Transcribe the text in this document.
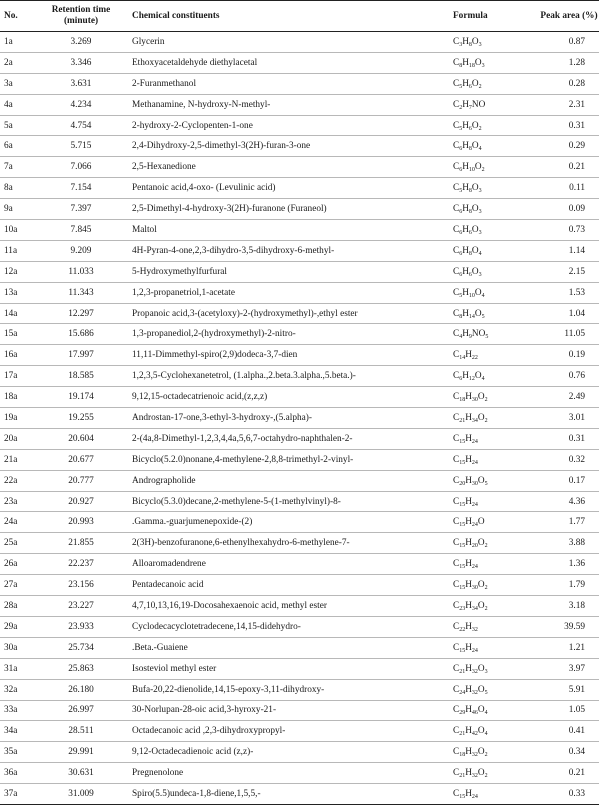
No.	Retention time (minute)	Chemical constituents	Formula	Peak area (%)
1a	3.269	Glycerin	$C_3H_8O_3$	0.87
2a	3.346	Ethoxyacetaldehyde diethylacetal	$C_8H_{18}O_3$	1.28
3a	3.631	2-Furanmethanol	$C_5H_6O_2$	0.28
4a	4.234	Methanamine, N-hydroxy-N-methyl-	$C_2H_7NO$	2.31
5a	4.754	2-hydroxy-2-Cyclopenten-1-one	$C_5H_6O_2$	0.31
6a	5.715	2,4-Dihydroxy-2,5-dimethyl-3(2H)-furan-3-one	$C_6H_8O_4$	0.29
7a	7.066	2,5-Hexanedione	$C_6H_{10}O_2$	0.21
8a	7.154	Pentanoic acid,4-oxo- (Levulinic acid)	$C_5H_8O_3$	0.11
9a	7.397	2,5-Dimethyl-4-hydroxy-3(2H)-furanone (Furaneol)	$C_6H_8O_3$	0.09
10a	7.845	Maltol	$C_6H_6O_3$	0.73
11a	9.209	4H-Pyran-4-one,2,3-dihydro-3,5-dihydroxy-6-methyl-	$C_6H_8O_4$	1.14
12a	11.033	5-Hydroxymethylfurfural	$C_6H_6O_3$	2.15
13a	11.343	1,2,3-propanetriol,1-acetate	$C_5H_{10}O_4$	1.53
14a	12.297	Propanoic acid,3-(acetyloxy)-2-(hydroxymethyl)-,ethyl ester	$C_8H_{14}O_5$	1.04
15a	15.686	1,3-propanediol,2-(hydroxymethyl)-2-nitro-	$C_4H_9NO_5$	11.05
16a	17.997	11,11-Dimmethyl-spiro(2,9)dodeca-3,7-dien	$C_{14}H_{22}$	0.19
17a	18.585	1,2,3,5-Cyclohexanetetrol, (1.alpha.,2.beta.3.alpha.,5.beta.)-	$C_6H_{12}O_4$	0.76
18a	19.174	9,12,15-octadecatrienoic acid,(z,z,z)	$C_{18}H_{30}O_2$	2.49
19a	19.255	Androstan-17-one,3-ethyl-3-hydroxy-,(5.alpha)-	$C_{21}H_{34}O_2$	3.01
20a	20.604	2-(4a,8-Dimethyl-1,2,3,4,4a,5,6,7-octahydro-naphthalen-2-	$C_{15}H_{24}$	0.31
21a	20.677	Bicyclo(5.2.0)nonane,4-methylene-2,8,8-trimethyl-2-vinyl-	$C_{15}H_{24}$	0.32
22a	20.777	Andrographolide	$C_{20}H_{30}O_5$	0.17
23a	20.927	Bicyclo(5.3.0)decane,2-methylene-5-(1-methylvinyl)-8-	$C_{15}H_{24}$	4.36
24a	20.993	.Gamma.-guarjumenepoxide-(2)	$C_{15}H_{24}O$	1.77
25a	21.855	2(3H)-benzofuranone,6-ethenylhexahydro-6-methylene-7-	$C_{15}H_{20}O_2$	3.88
26a	22.237	Alloaromadendrene	$C_{15}H_{24}$	1.36
27a	23.156	Pentadecanoic acid	$C_{15}H_{30}O_2$	1.79
28a	23.227	4,7,10,13,16,19-Docosahexaenoic acid, methyl ester	$C_{23}H_{34}O_2$	3.18
29a	23.933	Cyclodecacyclotetradecene,14,15-didehydro-	$C_{22}H_{32}$	39.59
30a	25.734	.Beta.-Guaiene	$C_{15}H_{24}$	1.21
31a	25.863	Isosteviol methyl ester	$C_{21}H_{32}O_3$	3.97
32a	26.180	Bufa-20,22-dienolide,14,15-epoxy-3,11-dihydroxy-	$C_{24}H_{32}O_5$	5.91
33a	26.997	30-Norlupan-28-oic acid,3-hyroxy-21-	$C_{29}H_{46}O_4$	1.05
34a	28.511	Octadecanoic acid ,2,3-dihydroxypropyl-	$C_{21}H_{42}O_4$	0.41
35a	29.991	9,12-Octadecadienoic acid (z,z)-	$C_{18}H_{32}O_2$	0.34
36a	30.631	Pregnenolone	$C_{21}H_{32}O_2$	0.21
37a	31.009	Spiro(5.5)undeca-1,8-diene,1,5,5,-	$C_{15}H_{24}$	0.33
